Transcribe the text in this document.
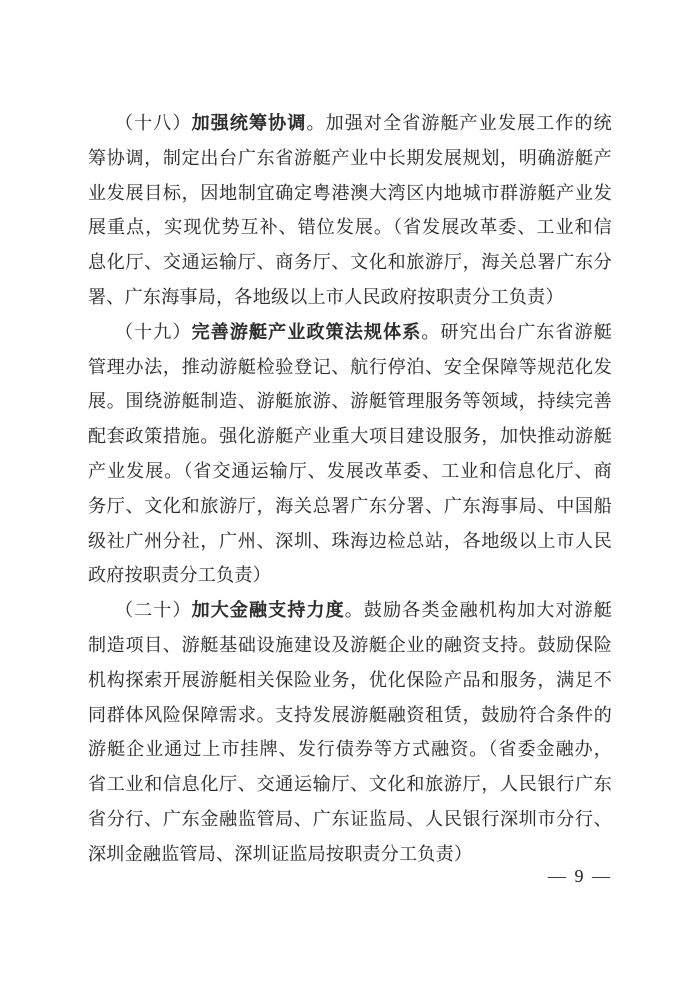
（十八）加强统筹协调。加强对全省游艇产业发展工作的统
筹协调，制定出台广东省游艇产业中长期发展规划，明确游艇产
业发展目标，因地制宜确定粤港澳大湾区内地城市群游艇产业发
展重点，实现优势互补、错位发展。（省发展改革委、工业和信
息化厅、交通运输厅、商务厅、文化和旅游厅，海关总署广东分
署、广东海事局，各地级以上市人民政府按职责分工负责）
（十九）完善游艇产业政策法规体系。研究出台广东省游艇
管理办法，推动游艇检验登记、航行停泊、安全保障等规范化发
展。围绕游艇制造、游艇旅游、游艇管理服务等领域，持续完善
配套政策措施。强化游艇产业重大项目建设服务，加快推动游艇
产业发展。（省交通运输厅、发展改革委、工业和信息化厅、商
务厅、文化和旅游厅，海关总署广东分署、广东海事局、中国船
级社广州分社，广州、深圳、珠海边检总站，各地级以上市人民
政府按职责分工负责）
（二十）加大金融支持力度。鼓励各类金融机构加大对游艇
制造项目、游艇基础设施建设及游艇企业的融资支持。鼓励保险
机构探索开展游艇相关保险业务，优化保险产品和服务，满足不
同群体风险保障需求。支持发展游艇融资租赁，鼓励符合条件的
游艇企业通过上市挂牌、发行债券等方式融资。（省委金融办，
省工业和信息化厅、交通运输厅、文化和旅游厅，人民银行广东
省分行、广东金融监管局、广东证监局、人民银行深圳市分行、
深圳金融监管局、深圳证监局按职责分工负责）
— 9 —
